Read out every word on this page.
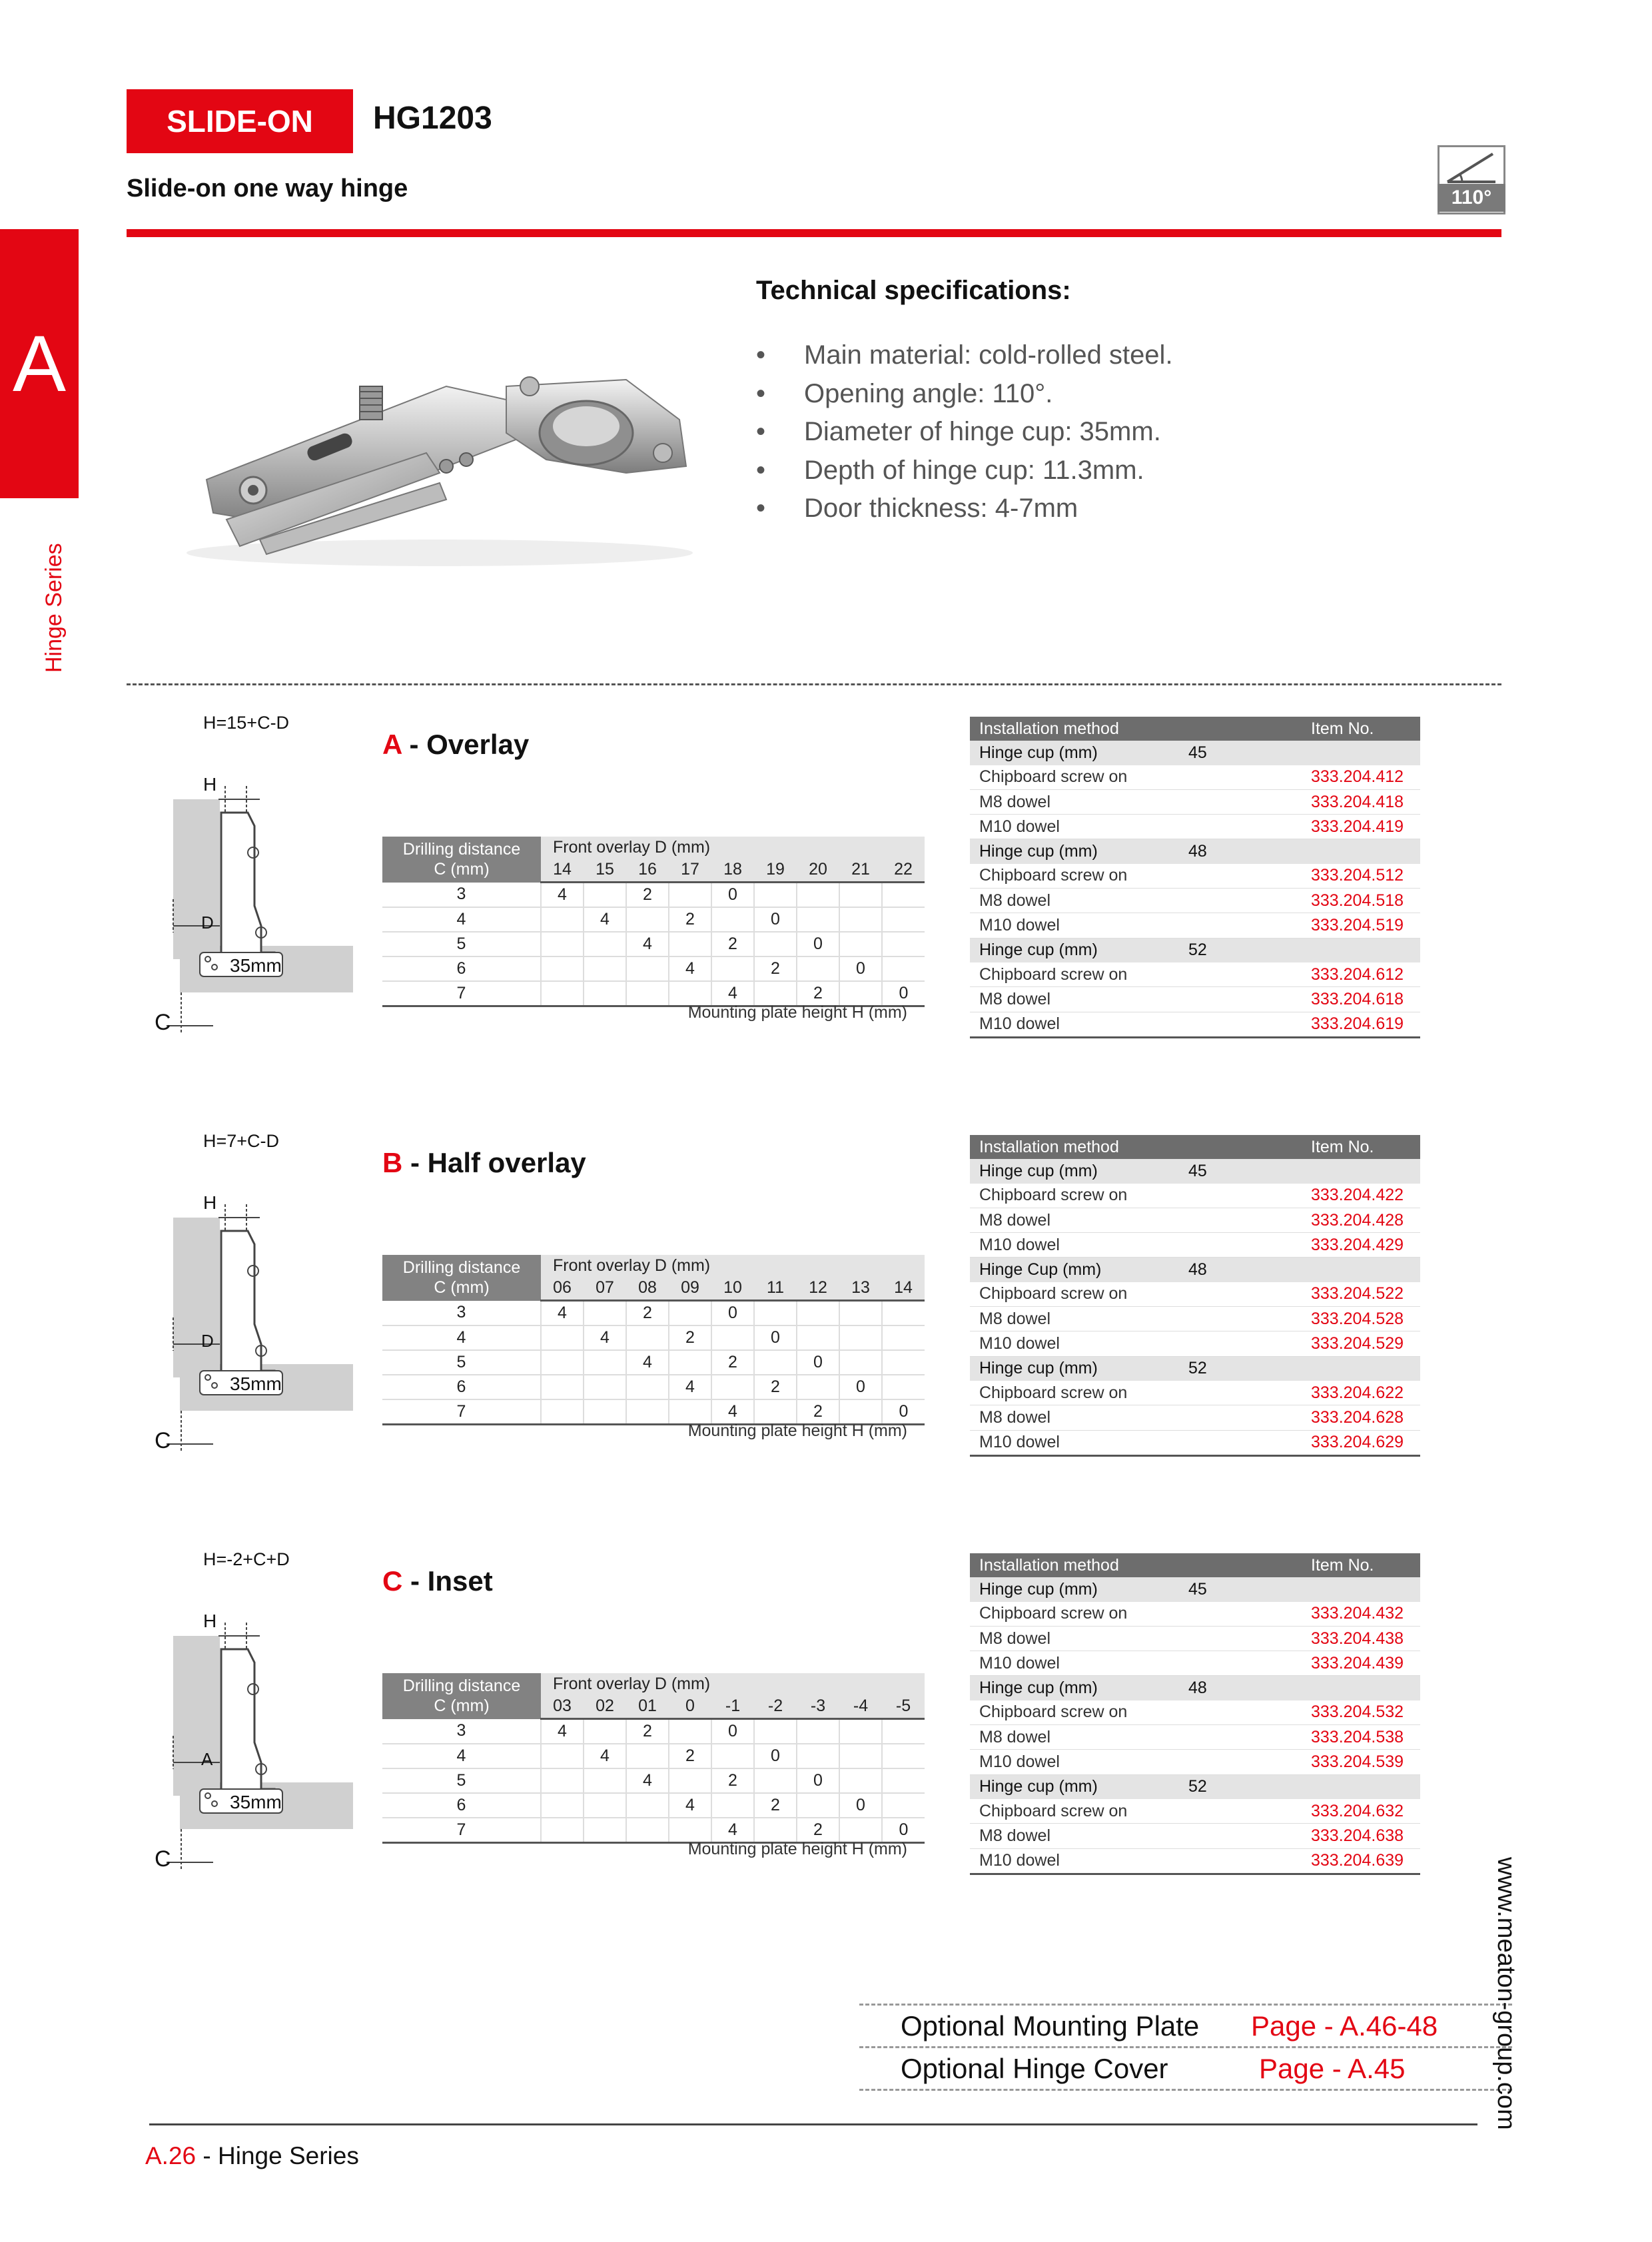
SLIDE-ON	HG1203
Slide-on one way hinge	110°
A
Hinge Series
Technical specifications:
• Main material: cold-rolled steel.
• Opening angle: 110°.
• Diameter of hinge cup: 35mm.
• Depth of hinge cup: 11.3mm.
• Door thickness: 4-7mm
H=15+C-D
A - Overlay
H
D
C
35mm
Drilling distance
C (mm)	Front overlay D (mm)								
	14	15	16	17	18	19	20	21	22
3	4		2		0				
4		4		2		0			
5			4		2		0		
6				4		2		0	
7					4		2		0
Mounting plate height H (mm)
Installation method		Item No.
Hinge cup (mm)	45	
Chipboard screw on		333.204.412
M8 dowel		333.204.418
M10 dowel		333.204.419
Hinge cup (mm)	48	
Chipboard screw on		333.204.512
M8 dowel		333.204.518
M10 dowel		333.204.519
Hinge cup (mm)	52	
Chipboard screw on		333.204.612
M8 dowel		333.204.618
M10 dowel		333.204.619
H=7+C-D
B - Half overlay
H
D
C
35mm
Drilling distance
C (mm)	Front overlay D (mm)								
	06	07	08	09	10	11	12	13	14
3	4		2		0				
4		4		2		0			
5			4		2		0		
6				4		2		0	
7					4		2		0
Mounting plate height H (mm)
Installation method		Item No.
Hinge cup (mm)	45	
Chipboard screw on		333.204.422
M8 dowel		333.204.428
M10 dowel		333.204.429
Hinge Cup (mm)	48	
Chipboard screw on		333.204.522
M8 dowel		333.204.528
M10 dowel		333.204.529
Hinge cup (mm)	52	
Chipboard screw on		333.204.622
M8 dowel		333.204.628
M10 dowel		333.204.629
H=-2+C+D
C - Inset
H
A
C
35mm
Drilling distance
C (mm)	Front overlay D (mm)								
	03	02	01	0	-1	-2	-3	-4	-5
3	4		2		0				
4		4		2		0			
5			4		2		0		
6				4		2		0	
7					4		2		0
Mounting plate height H (mm)
Installation method		Item No.
Hinge cup (mm)	45	
Chipboard screw on		333.204.432
M8 dowel		333.204.438
M10 dowel		333.204.439
Hinge cup (mm)	48	
Chipboard screw on		333.204.532
M8 dowel		333.204.538
M10 dowel		333.204.539
Hinge cup (mm)	52	
Chipboard screw on		333.204.632
M8 dowel		333.204.638
M10 dowel		333.204.639
Optional Mounting Plate Page - A.46-48
Optional Hinge Cover	Page - A.45
A.26 - Hinge Series
www.meaton-group.com
